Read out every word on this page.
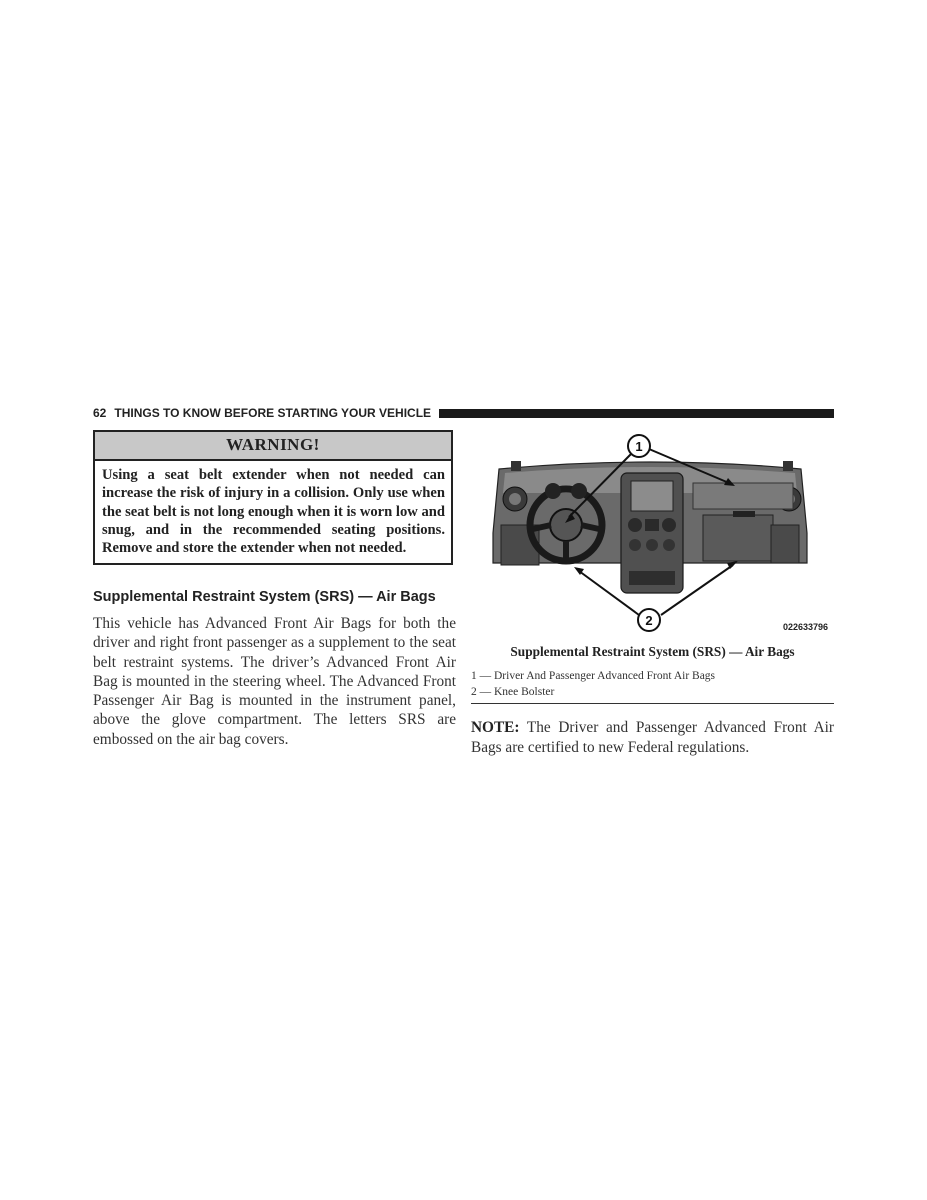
62 THINGS TO KNOW BEFORE STARTING YOUR VEHICLE
WARNING!
Using a seat belt extender when not needed can increase the risk of injury in a collision. Only use when the seat belt is not long enough when it is worn low and snug, and in the recommended seating positions. Remove and store the extender when not needed.
Supplemental Restraint System (SRS) — Air Bags
This vehicle has Advanced Front Air Bags for both the driver and right front passenger as a supplement to the seat belt restraint systems. The driver’s Advanced Front Air Bag is mounted in the steering wheel. The Advanced Front Passenger Air Bag is mounted in the instrument panel, above the glove compartment. The letters SRS are embossed on the air bag covers.
1
2	022633796
Supplemental Restraint System (SRS) — Air Bags
1 — Driver And Passenger Advanced Front Air Bags
2 — Knee Bolster
NOTE: The Driver and Passenger Advanced Front Air Bags are certified to new Federal regulations.
